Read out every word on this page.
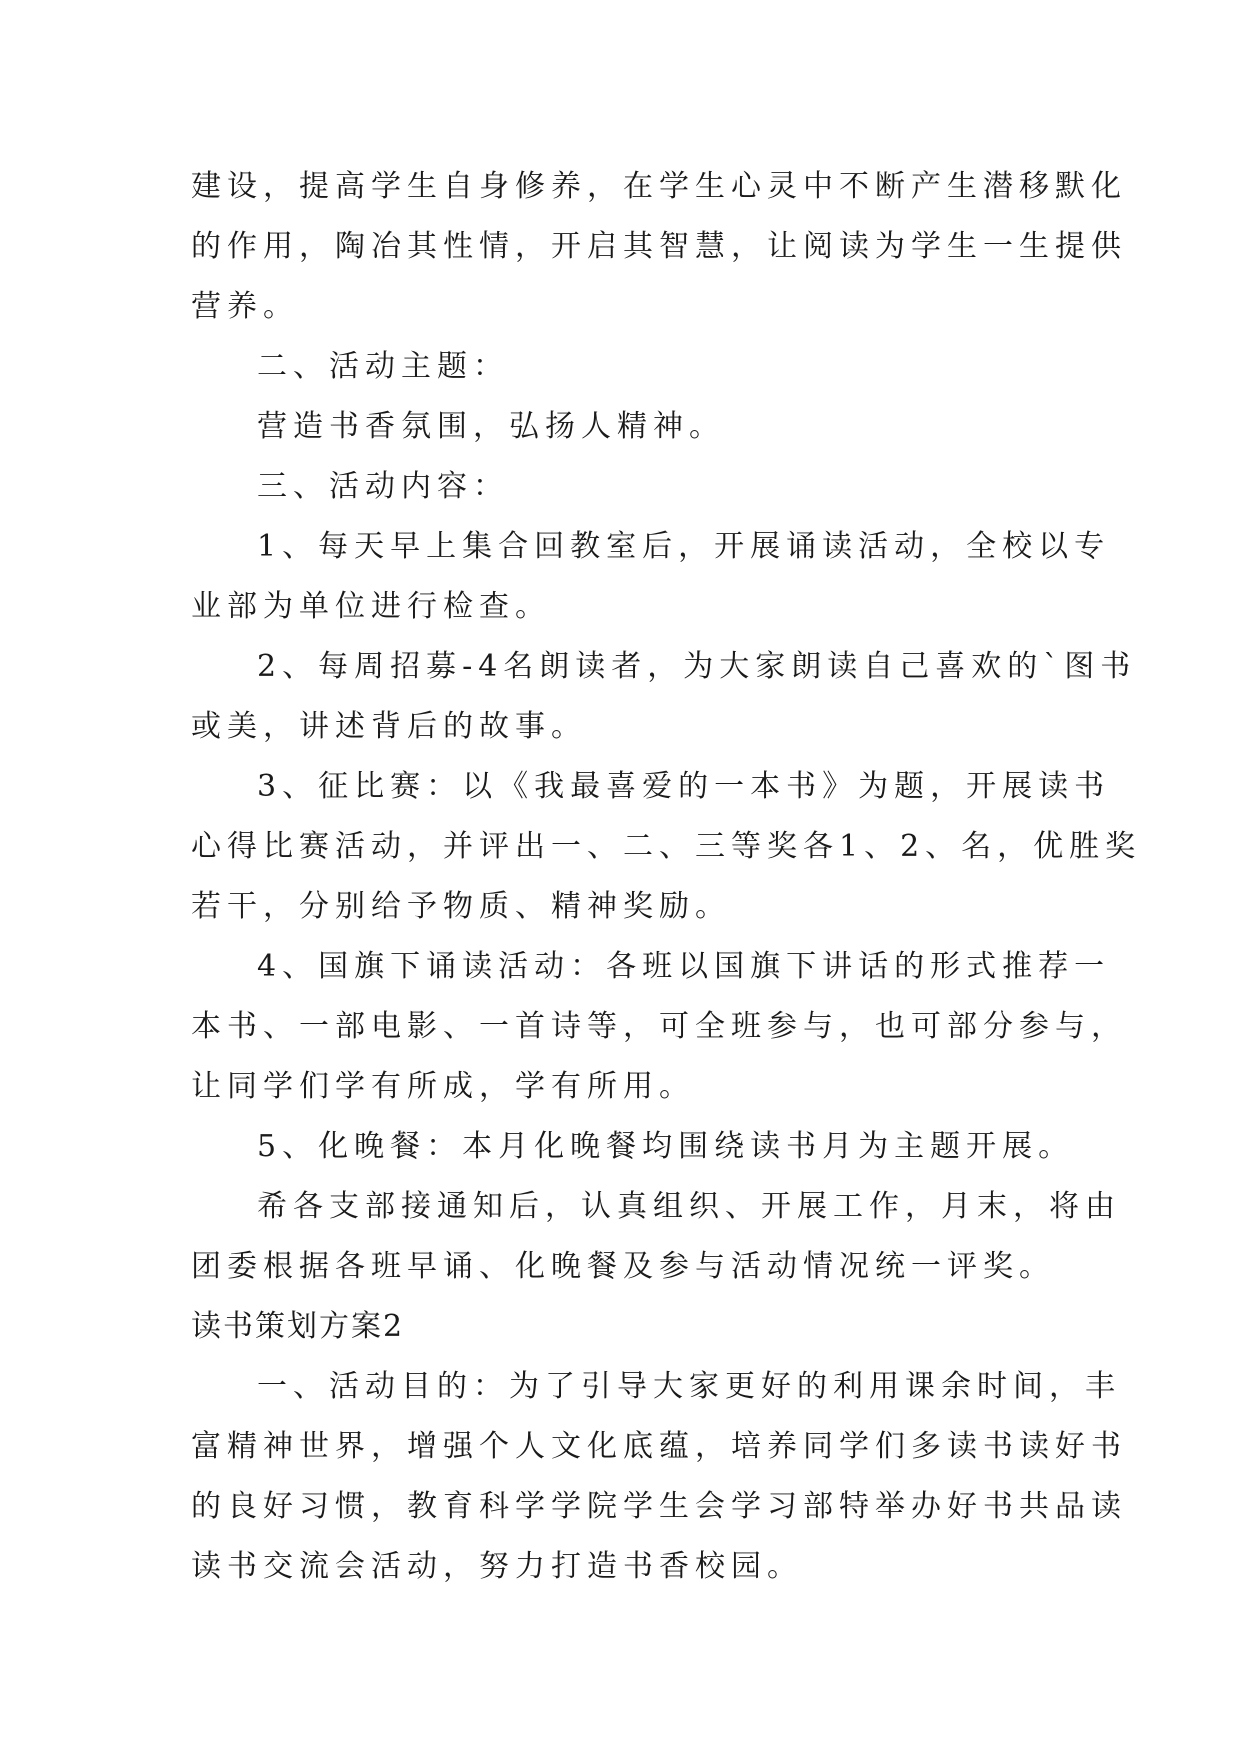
建设，提高学生自身修养，在学生心灵中不断产生潜移默化

的作用，陶冶其性情，开启其智慧，让阅读为学生一生提供

营养。

二、活动主题：

营造书香氛围，弘扬人精神。

三、活动内容：

1、每天早上集合回教室后，开展诵读活动，全校以专

业部为单位进行检查。

2、每周招募-4名朗读者，为大家朗读自己喜欢的`图书

或美，讲述背后的故事。

3、征比赛：以《我最喜爱的一本书》为题，开展读书

心得比赛活动，并评出一、二、三等奖各1、2、名，优胜奖

若干，分别给予物质、精神奖励。

4、国旗下诵读活动：各班以国旗下讲话的形式推荐一

本书、一部电影、一首诗等，可全班参与，也可部分参与，

让同学们学有所成，学有所用。

5、化晚餐：本月化晚餐均围绕读书月为主题开展。

希各支部接通知后，认真组织、开展工作，月末，将由

团委根据各班早诵、化晚餐及参与活动情况统一评奖。

读书策划方案2

一、活动目的：为了引导大家更好的利用课余时间，丰

富精神世界，增强个人文化底蕴，培养同学们多读书读好书

的良好习惯，教育科学学院学生会学习部特举办好书共品读

读书交流会活动，努力打造书香校园。
